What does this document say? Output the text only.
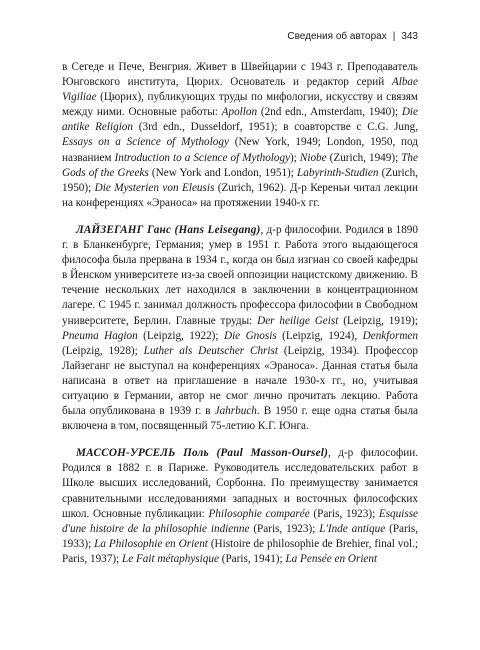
Сведения об авторах | 343

в Сегеде и Пече, Венгрия. Живет в Швейцарии с 1943 г. Преподаватель Юнговского института, Цюрих. Основатель и редактор серий Albae Vigiliae (Цюрих), публикующих труды по мифологии, искусству и связям между ними. Основные работы: Apollon (2nd edn., Amsterdam, 1940); Die antike Religion (3rd edn., Dusseldorf, 1951); в соавторстве с C.G. Jung, Essays on a Science of Mythology (New York, 1949; London, 1950, под названием Introduction to a Science of Mythology); Niobe (Zurich, 1949); The Gods of the Greeks (New York and London, 1951); Labyrinth-Studien (Zurich, 1950); Die Mysterien von Eleusis (Zurich, 1962). Д-р Кереньи читал лекции на конференциях «Эраноса» на протяжении 1940-х гг.

ЛАЙЗЕГАНГ Ганс (Hans Leisegang), д-р философии. Родился в 1890 г. в Бланкенбурге, Германия; умер в 1951 г. Работа этого выдающегося философа была прервана в 1934 г., когда он был изгнан со своей кафедры в Йенском университете из-за своей оппозиции нацистскому движению. В течение нескольких лет находился в заключении в концентрационном лагере. С 1945 г. занимал должность профессора философии в Свободном университете, Берлин. Главные труды: Der heilige Geist (Leipzig, 1919); Pneuma Hagion (Leipzig, 1922); Die Gnosis (Leipzig, 1924), Denkformen (Leipzig, 1928); Luther als Deutscher Christ (Leipzig, 1934). Профессор Лайзеганг не выступал на конференциях «Эраноса». Данная статья была написана в ответ на приглашение в начале 1930-х гг., но, учитывая ситуацию в Германии, автор не смог лично прочитать лекцию. Работа была опубликована в 1939 г. в Jahrbuch. В 1950 г. еще одна статья была включена в том, посвященный 75-летию К.Г. Юнга.

МАССОН-УРСЕЛЬ Поль (Paul Masson-Oursel), д-р философии. Родился в 1882 г. в Париже. Руководитель исследовательских работ в Школе высших исследований, Сорбонна. По преимуществу занимается сравнительными исследованиями западных и восточных философских школ. Основные публикации: Philosophie comparée (Paris, 1923); Esquisse d'une histoire de la philosophie indienne (Paris, 1923); L'Inde antique (Paris, 1933); La Philosophie en Orient (Histoire de philosophie de Brehier, final vol.; Paris, 1937); Le Fait métaphysique (Paris, 1941); La Pensée en Orient
